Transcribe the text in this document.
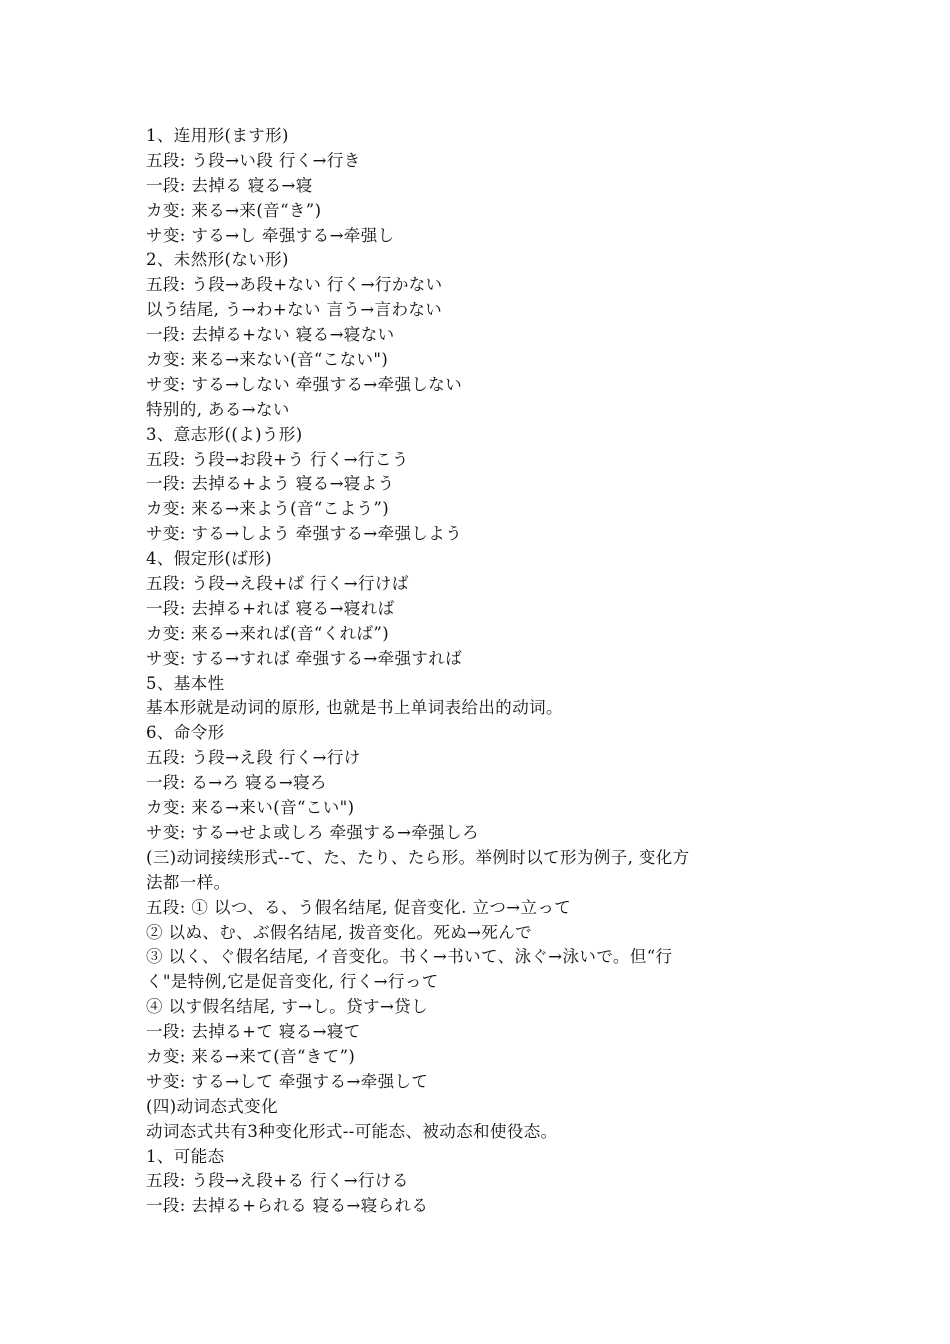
1、连用形(ます形)
五段: う段→い段 行く→行き
一段: 去掉る 寝る→寝
カ变: 来る→来(音“き”)
サ变: する→し 牵强する→牵强し
2、未然形(ない形)
五段: う段→あ段+ない 行く→行かない
以う结尾, う→わ+ない 言う→言わない
一段: 去掉る+ない 寝る→寝ない
カ变: 来る→来ない(音“こない")
サ变: する→しない 牵强する→牵强しない
特别的, ある→ない
3、意志形((よ)う形)
五段: う段→お段+う 行く→行こう
一段: 去掉る+よう 寝る→寝よう
カ变: 来る→来よう(音“こよう”)
サ变: する→しよう 牵强する→牵强しよう
4、假定形(ば形)
五段: う段→え段+ば 行く→行けば
一段: 去掉る+れば 寝る→寝れば
カ变: 来る→来れば(音“くれば”)
サ变: する→すれば 牵强する→牵强すれば
5、基本性
基本形就是动词的原形, 也就是书上单词表给出的动词。
6、命令形
五段: う段→え段 行く→行け
一段: る→ろ 寝る→寝ろ
カ变: 来る→来い(音“こい")
サ变: する→せよ或しろ 牵强する→牵强しろ
(三)动词接续形式--て、た、たり、たら形。举例时以て形为例子, 变化方
法都一样。
五段: ① 以つ、る、う假名结尾, 促音变化. 立つ→立って
② 以ぬ、む、ぶ假名结尾, 拨音变化。死ぬ→死んで
③ 以く、ぐ假名结尾, イ音变化。书く→书いて、泳ぐ→泳いで。但“行
く"是特例,它是促音变化, 行く→行って
④ 以す假名结尾, す→し。贷す→贷し
一段: 去掉る+て 寝る→寝て
カ变: 来る→来て(音“きて”)
サ变: する→して 牵强する→牵强して
(四)动词态式变化
动词态式共有3种变化形式--可能态、被动态和使役态。
1、可能态
五段: う段→え段+る 行く→行ける
一段: 去掉る+られる 寝る→寝られる
